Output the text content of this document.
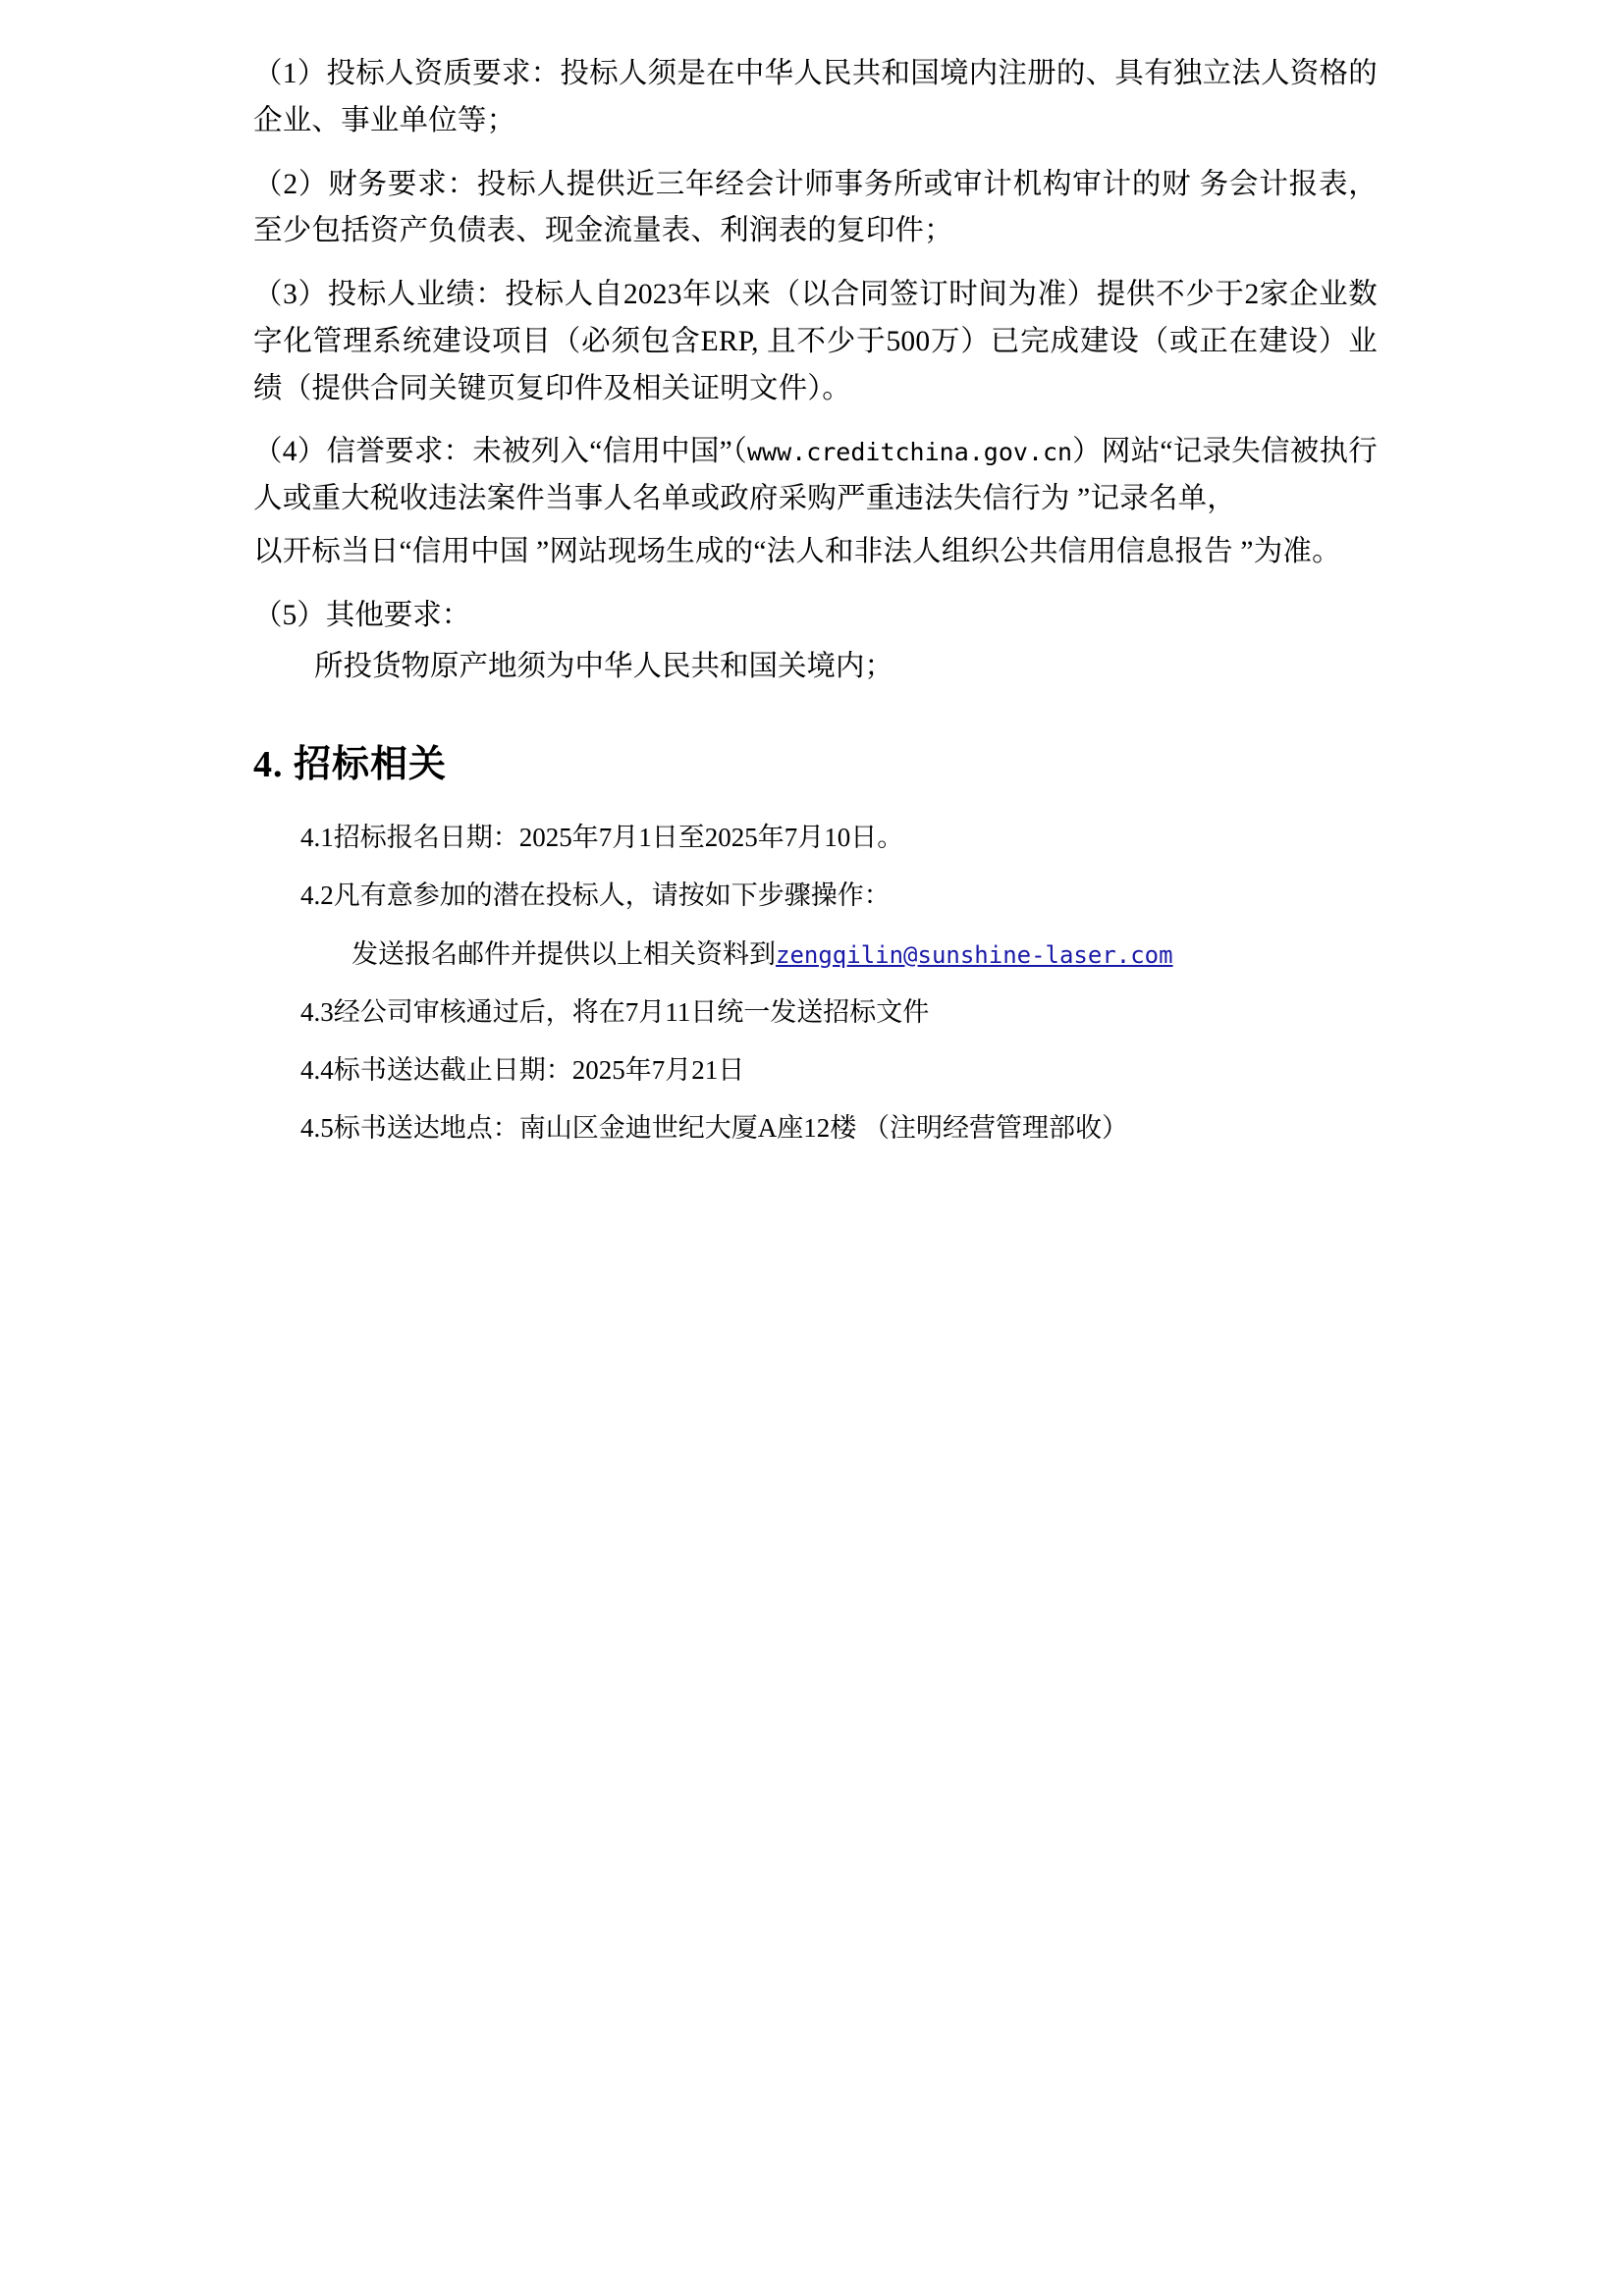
（1）投标人资质要求：投标人须是在中华人民共和国境内注册的、具有独立法人资格的企业、事业单位等；

（2）财务要求：投标人提供近三年经会计师事务所或审计机构审计的财 务会计报表，至少包括资产负债表、现金流量表、利润表的复印件；

（3）投标人业绩：投标人自2023年以来（以合同签订时间为准）提供不少于2家企业数字化管理系统建设项目（必须包含ERP, 且不少于500万）已完成建设（或正在建设）业绩（提供合同关键页复印件及相关证明文件）。

（4）信誉要求：未被列入“信用中国”（www.creditchina.gov.cn）网站“记录失信被执行人或重大税收违法案件当事人名单或政府采购严重违法失信行为 ”记录名单，

以开标当日“信用中国 ”网站现场生成的“法人和非法人组织公共信用信息报告 ”为准。

（5）其他要求：

所投货物原产地须为中华人民共和国关境内；

4. 招标相关

4.1招标报名日期：2025年7月1日至2025年7月10日。

4.2凡有意参加的潜在投标人，请按如下步骤操作：

发送报名邮件并提供以上相关资料到zengqilin@sunshine-laser.com

4.3经公司审核通过后，将在7月11日统一发送招标文件

4.4标书送达截止日期：2025年7月21日

4.5标书送达地点：南山区金迪世纪大厦A座12楼 （注明经营管理部收）
